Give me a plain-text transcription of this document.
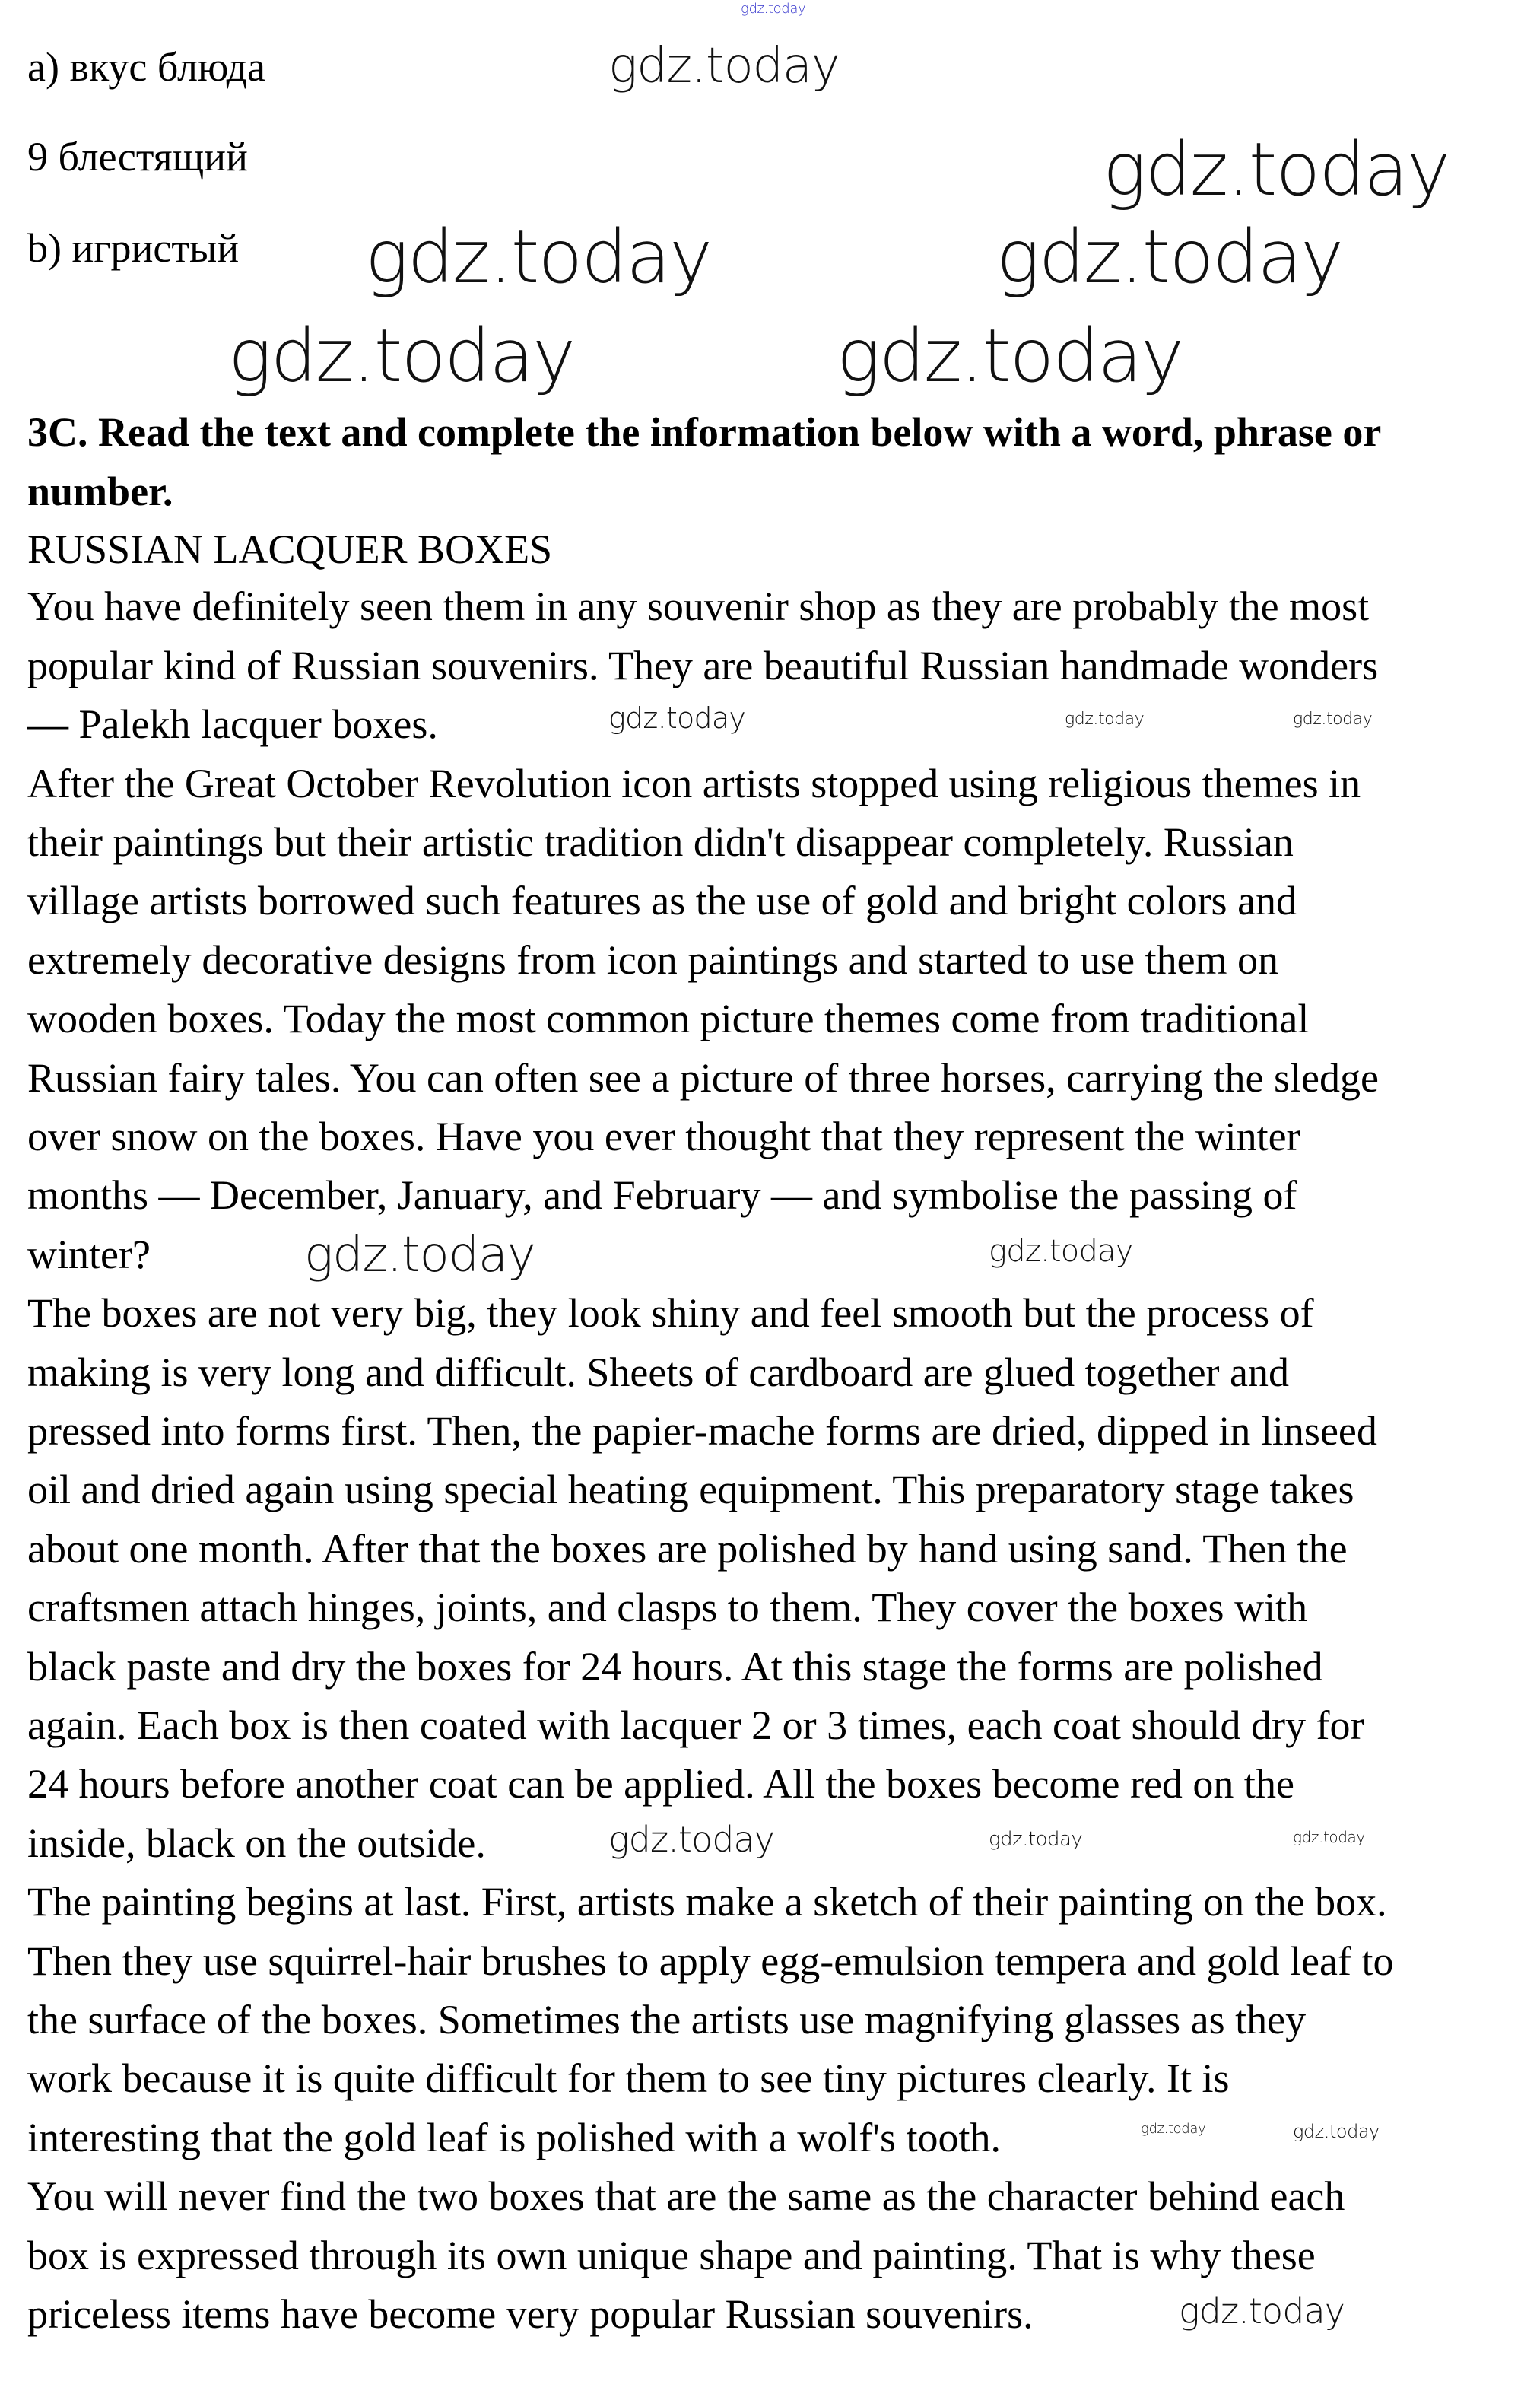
a) вкус блюда
9 блестящий
b) игристый
3C. Read the text and complete the information below with a word, phrase or
number.
RUSSIAN LACQUER BOXES
You have definitely seen them in any souvenir shop as they are probably the most
popular kind of Russian souvenirs. They are beautiful Russian handmade wonders
— Palekh lacquer boxes.
After the Great October Revolution icon artists stopped using religious themes in
their paintings but their artistic tradition didn't disappear completely. Russian
village artists borrowed such features as the use of gold and bright colors and
extremely decorative designs from icon paintings and started to use them on
wooden boxes. Today the most common picture themes come from traditional
Russian fairy tales. You can often see a picture of three horses, carrying the sledge
over snow on the boxes. Have you ever thought that they represent the winter
months — December, January, and February — and symbolise the passing of
winter?
The boxes are not very big, they look shiny and feel smooth but the process of
making is very long and difficult. Sheets of cardboard are glued together and
pressed into forms first. Then, the papier-mache forms are dried, dipped in linseed
oil and dried again using special heating equipment. This preparatory stage takes
about one month. After that the boxes are polished by hand using sand. Then the
craftsmen attach hinges, joints, and clasps to them. They cover the boxes with
black paste and dry the boxes for 24 hours. At this stage the forms are polished
again. Each box is then coated with lacquer 2 or 3 times, each coat should dry for
24 hours before another coat can be applied. All the boxes become red on the
inside, black on the outside.
The painting begins at last. First, artists make a sketch of their painting on the box.
Then they use squirrel-hair brushes to apply egg-emulsion tempera and gold leaf to
the surface of the boxes. Sometimes the artists use magnifying glasses as they
work because it is quite difficult for them to see tiny pictures clearly. It is
interesting that the gold leaf is polished with a wolf's tooth.
You will never find the two boxes that are the same as the character behind each
box is expressed through its own unique shape and painting. That is why these
priceless items have become very popular Russian souvenirs.
gdz.today
gdz.today	gdz.today
gdz.today	gdz.today
gdz.today
gdz.today
gdz.today	gdz.today
gdz.today	gdz.today	gdz.today
gdz.today	gdz.today	gdz.today
gdz.today	gdz.today
gdz.today
